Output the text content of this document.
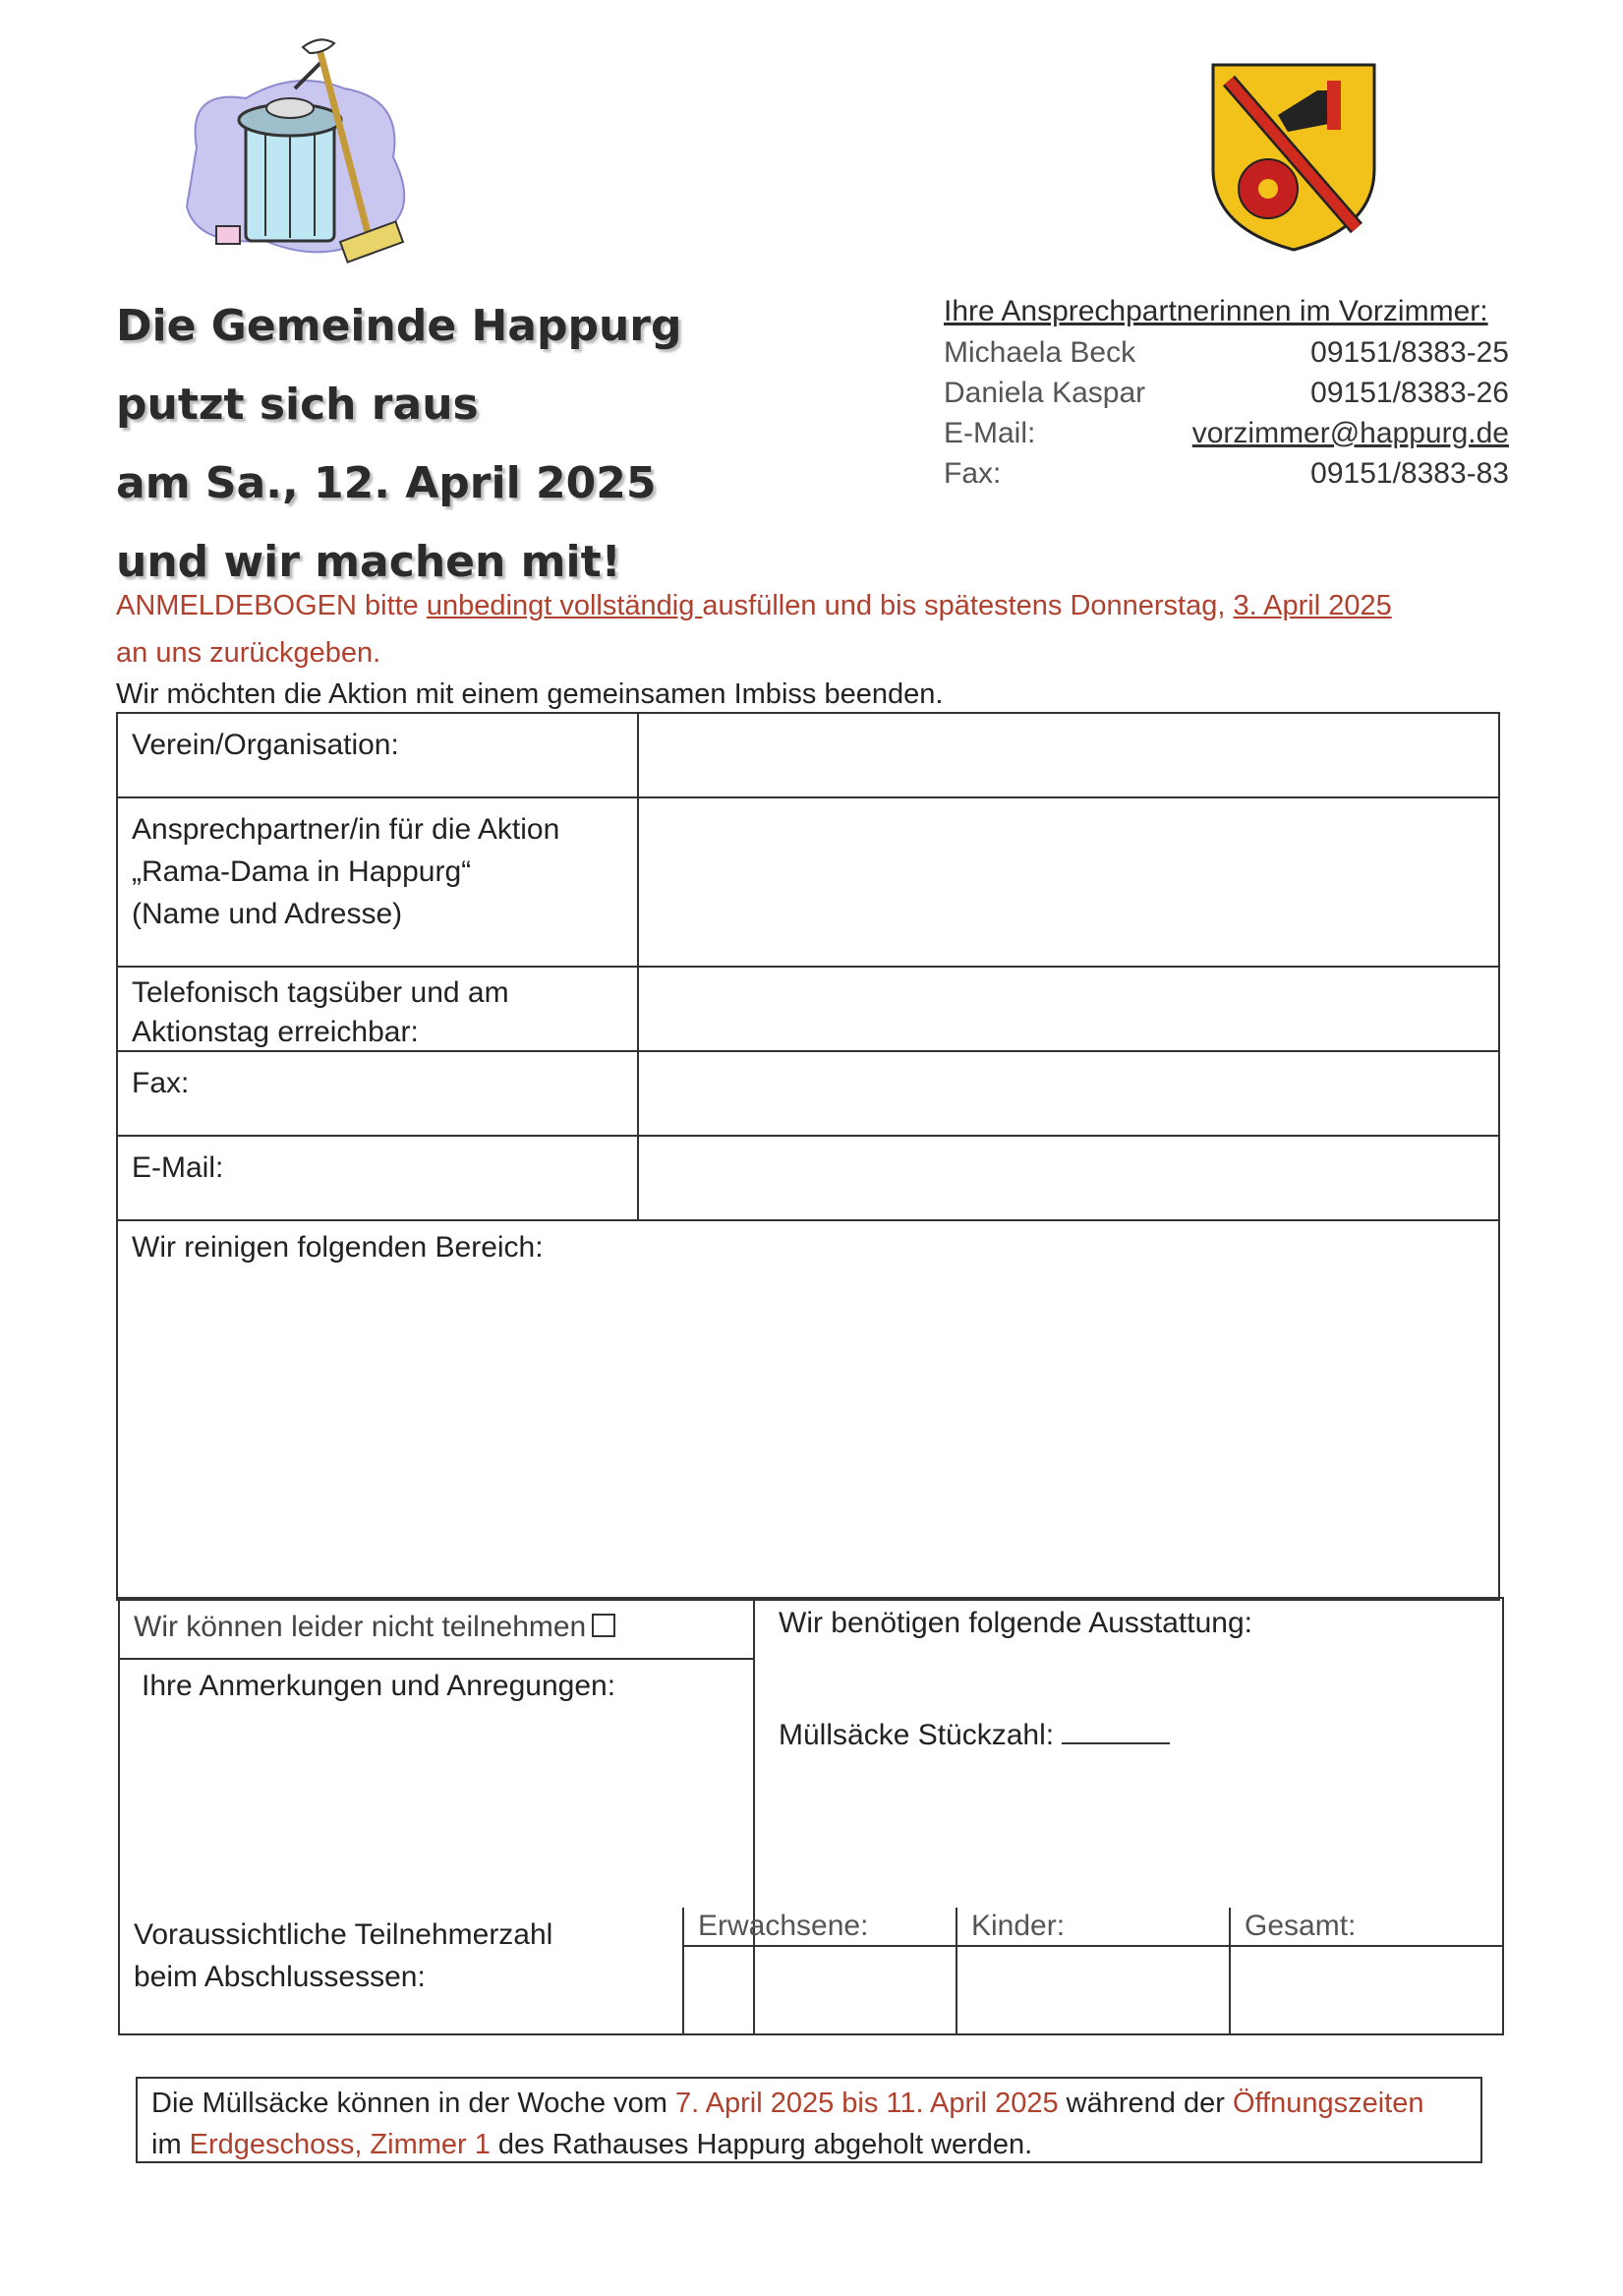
Die Gemeinde Happurg
putzt sich raus
am Sa., 12. April 2025
und wir machen mit!
Ihre Ansprechpartnerinnen im Vorzimmer:
Michaela Beck	09151/8383-25
Daniela Kaspar	09151/8383-26
E-Mail:	vorzimmer@happurg.de
Fax:	09151/8383-83
ANMELDEBOGEN bitte unbedingt vollständig ausfüllen und bis spätestens Donnerstag, 3. April 2025
an uns zurückgeben.
Wir möchten die Aktion mit einem gemeinsamen Imbiss beenden.
Verein/Organisation:
Ansprechpartner/in für die Aktion
„Rama-Dama in Happurg“
(Name und Adresse)
Telefonisch tagsüber und am
Aktionstag erreichbar:
Fax:
E-Mail:
Wir reinigen folgenden Bereich:
Wir können leider nicht teilnehmen
Ihre Anmerkungen und Anregungen:
Wir benötigen folgende Ausstattung:
Müllsäcke Stückzahl:
Voraussichtliche Teilnehmerzahl
beim Abschlussessen:
Erwachsene:	Kinder:	Gesamt:
Die Müllsäcke können in der Woche vom 7. April 2025 bis 11. April 2025 während der Öffnungszeiten
im Erdgeschoss, Zimmer 1 des Rathauses Happurg abgeholt werden.
